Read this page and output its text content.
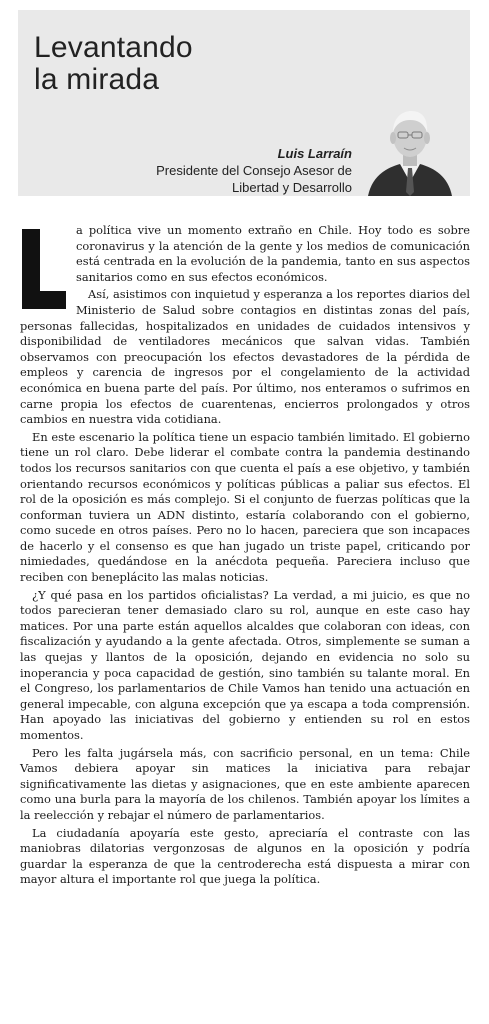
Levantando
la mirada
Luis Larraín
Presidente del Consejo Asesor de
Libertad y Desarrollo

a política vive un momento extraño en Chile. Hoy todo es sobre coronavirus y la atención de la gente y los medios de comunicación está centrada en la evolución de la pandemia, tanto en sus aspectos sanitarios como en sus efectos económicos.

Así, asistimos con inquietud y esperanza a los reportes diarios del Ministerio de Salud sobre contagios en distintas zonas del país, personas fallecidas, hospitalizados en unidades de cuidados intensivos y disponibilidad de ventiladores mecánicos que salvan vidas. También observamos con preocupación los efectos devastadores de la pérdida de empleos y carencia de ingresos por el congelamiento de la actividad económica en buena parte del país. Por último, nos enteramos o sufrimos en carne propia los efectos de cuarentenas, encierros prolongados y otros cambios en nuestra vida cotidiana.

En este escenario la política tiene un espacio también limitado. El gobierno tiene un rol claro. Debe liderar el combate contra la pandemia destinando todos los recursos sanitarios con que cuenta el país a ese objetivo, y también orientando recursos económicos y políticas públicas a paliar sus efectos. El rol de la oposición es más complejo. Si el conjunto de fuerzas políticas que la conforman tuviera un ADN distinto, estaría colaborando con el gobierno, como sucede en otros países. Pero no lo hacen, pareciera que son incapaces de hacerlo y el consenso es que han jugado un triste papel, criticando por nimiedades, quedándose en la anécdota pequeña. Pareciera incluso que reciben con beneplácito las malas noticias.

¿Y qué pasa en los partidos oficialistas? La verdad, a mi juicio, es que no todos parecieran tener demasiado claro su rol, aunque en este caso hay matices. Por una parte están aquellos alcaldes que colaboran con ideas, con fiscalización y ayudando a la gente afectada. Otros, simplemente se suman a las quejas y llantos de la oposición, dejando en evidencia no solo su inoperancia y poca capacidad de gestión, sino también su talante moral. En el Congreso, los parlamentarios de Chile Vamos han tenido una actuación en general impecable, con alguna excepción que ya escapa a toda comprensión. Han apoyado las iniciativas del gobierno y entienden su rol en estos momentos.

Pero les falta jugársela más, con sacrificio personal, en un tema: Chile Vamos debiera apoyar sin matices la iniciativa para rebajar significativamente las dietas y asignaciones, que en este ambiente aparecen como una burla para la mayoría de los chilenos. También apoyar los límites a la reelección y rebajar el número de parlamentarios.

La ciudadanía apoyaría este gesto, apreciaría el contraste con las maniobras dilatorias vergonzosas de algunos en la oposición y podría guardar la esperanza de que la centroderecha está dispuesta a mirar con mayor altura el importante rol que juega la política.
